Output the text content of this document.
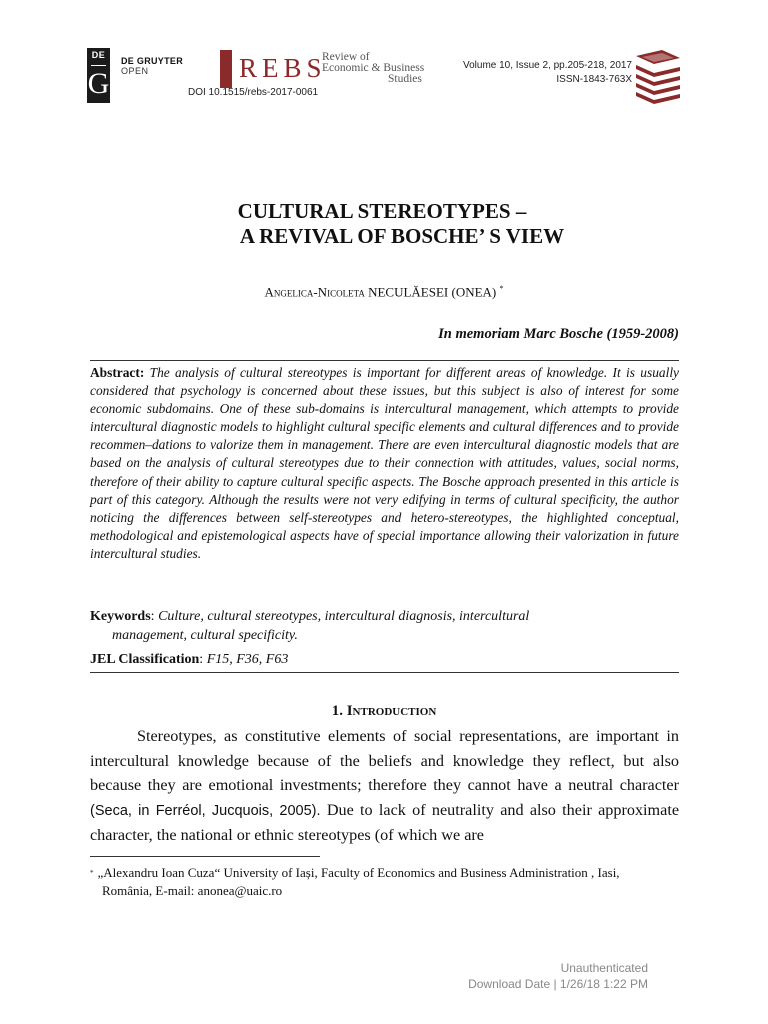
DE
G
DE GRUYTER
OPEN	REBS
Review of
Economic & Business
Studies
Volume 10, Issue 2, pp.205-218, 2017
ISSN-1843-763X
DOI 10.1515/rebs-2017-0061
CULTURAL STEREOTYPES –
A REVIVAL OF BOSCHE’ S VIEW
Angelica-Nicoleta NECULĂESEI (ONEA) *
In memoriam Marc Bosche (1959-2008)
Abstract: The analysis of cultural stereotypes is important for different areas of knowledge. It is usually considered that psychology is concerned about these issues, but this subject is also of interest for some economic subdomains. One of these sub-domains is intercultural management, which attempts to provide intercultural diagnostic models to highlight cultural specific elements and cultural differences and to provide recommen–dations to valorize them in management. There are even intercultural diagnostic models that are based on the analysis of cultural stereotypes due to their connection with attitudes, values, social norms, therefore of their ability to capture cultural specific aspects. The Bosche approach presented in this article is part of this category. Although the results were not very edifying in terms of cultural specificity, the author noticing the differences between self-stereotypes and hetero-stereotypes, the highlighted conceptual, methodological and epistemological aspects have of special importance allowing their valorization in future intercultural studies.
Keywords: Culture, cultural stereotypes, intercultural diagnosis, intercultural
management, cultural specificity.
JEL Classification: F15, F36, F63
1. Introduction

Stereotypes, as constitutive elements of social representations, are important in intercultural knowledge because of the beliefs and knowledge they reflect, but also because they are emotional investments; therefore they cannot have a neutral character (Seca, in Ferréol, Jucquois, 2005). Due to lack of neutrality and also their approximate character, the national or ethnic stereotypes (of which we are

* „Alexandru Ioan Cuza“ University of Iași, Faculty of Economics and Business Administration , Iasi,
România, E-mail: anonea@uaic.ro
Unauthenticated
Download Date | 1/26/18 1:22 PM
